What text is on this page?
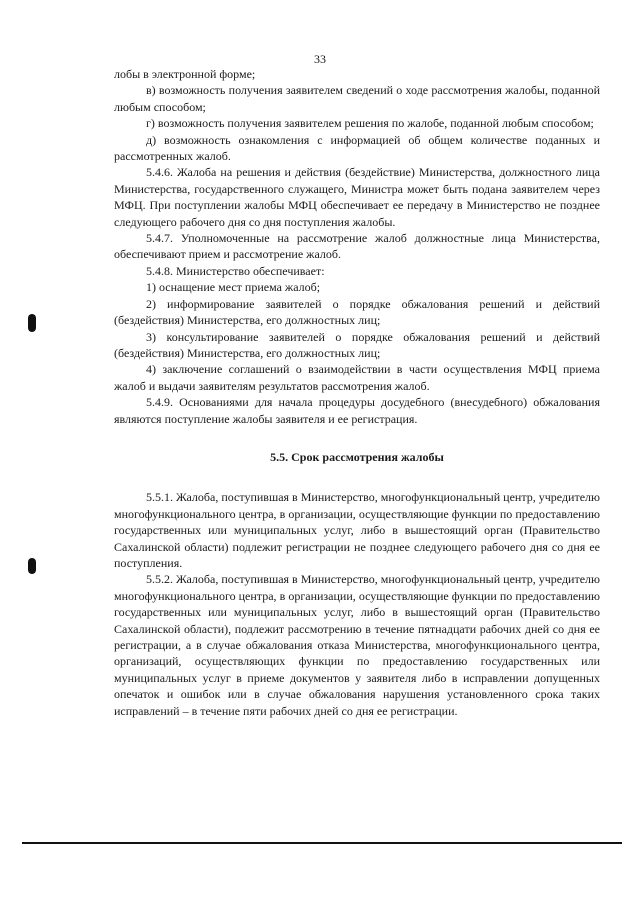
33

лобы в электронной форме;

в) возможность получения заявителем сведений о ходе рассмотрения жалобы, поданной любым способом;

г) возможность получения заявителем решения по жалобе, поданной любым способом;

д) возможность ознакомления с информацией об общем количестве поданных и рассмотренных жалоб.

5.4.6. Жалоба на решения и действия (бездействие) Министерства, должностного лица Министерства, государственного служащего, Министра может быть подана заявителем через МФЦ. При поступлении жалобы МФЦ обеспечивает ее передачу в Министерство не позднее следующего рабочего дня со дня поступления жалобы.

5.4.7. Уполномоченные на рассмотрение жалоб должностные лица Министерства, обеспечивают прием и рассмотрение жалоб.

5.4.8. Министерство обеспечивает:

1) оснащение мест приема жалоб;

2) информирование заявителей о порядке обжалования решений и действий (бездействия) Министерства, его должностных лиц;

3) консультирование заявителей о порядке обжалования решений и действий (бездействия) Министерства, его должностных лиц;

4) заключение соглашений о взаимодействии в части осуществления МФЦ приема жалоб и выдачи заявителям результатов рассмотрения жалоб.

5.4.9. Основаниями для начала процедуры досудебного (внесудебного) обжалования являются поступление жалобы заявителя и ее регистрация.

5.5. Срок рассмотрения жалобы

5.5.1. Жалоба, поступившая в Министерство, многофункциональный центр, учредителю многофункционального центра, в организации, осуществляющие функции по предоставлению государственных или муниципальных услуг, либо в вышестоящий орган (Правительство Сахалинской области) подлежит регистрации не позднее следующего рабочего дня со дня ее поступления.

5.5.2. Жалоба, поступившая в Министерство, многофункциональный центр, учредителю многофункционального центра, в организации, осуществляющие функции по предоставлению государственных или муниципальных услуг, либо в вышестоящий орган (Правительство Сахалинской области), подлежит рассмотрению в течение пятнадцати рабочих дней со дня ее регистрации, а в случае обжалования отказа Министерства, многофункционального центра, организаций, осуществляющих функции по предоставлению государственных или муниципальных услуг в приеме документов у заявителя либо в исправлении допущенных опечаток и ошибок или в случае обжалования нарушения установленного срока таких исправлений – в течение пяти рабочих дней со дня ее регистрации.
